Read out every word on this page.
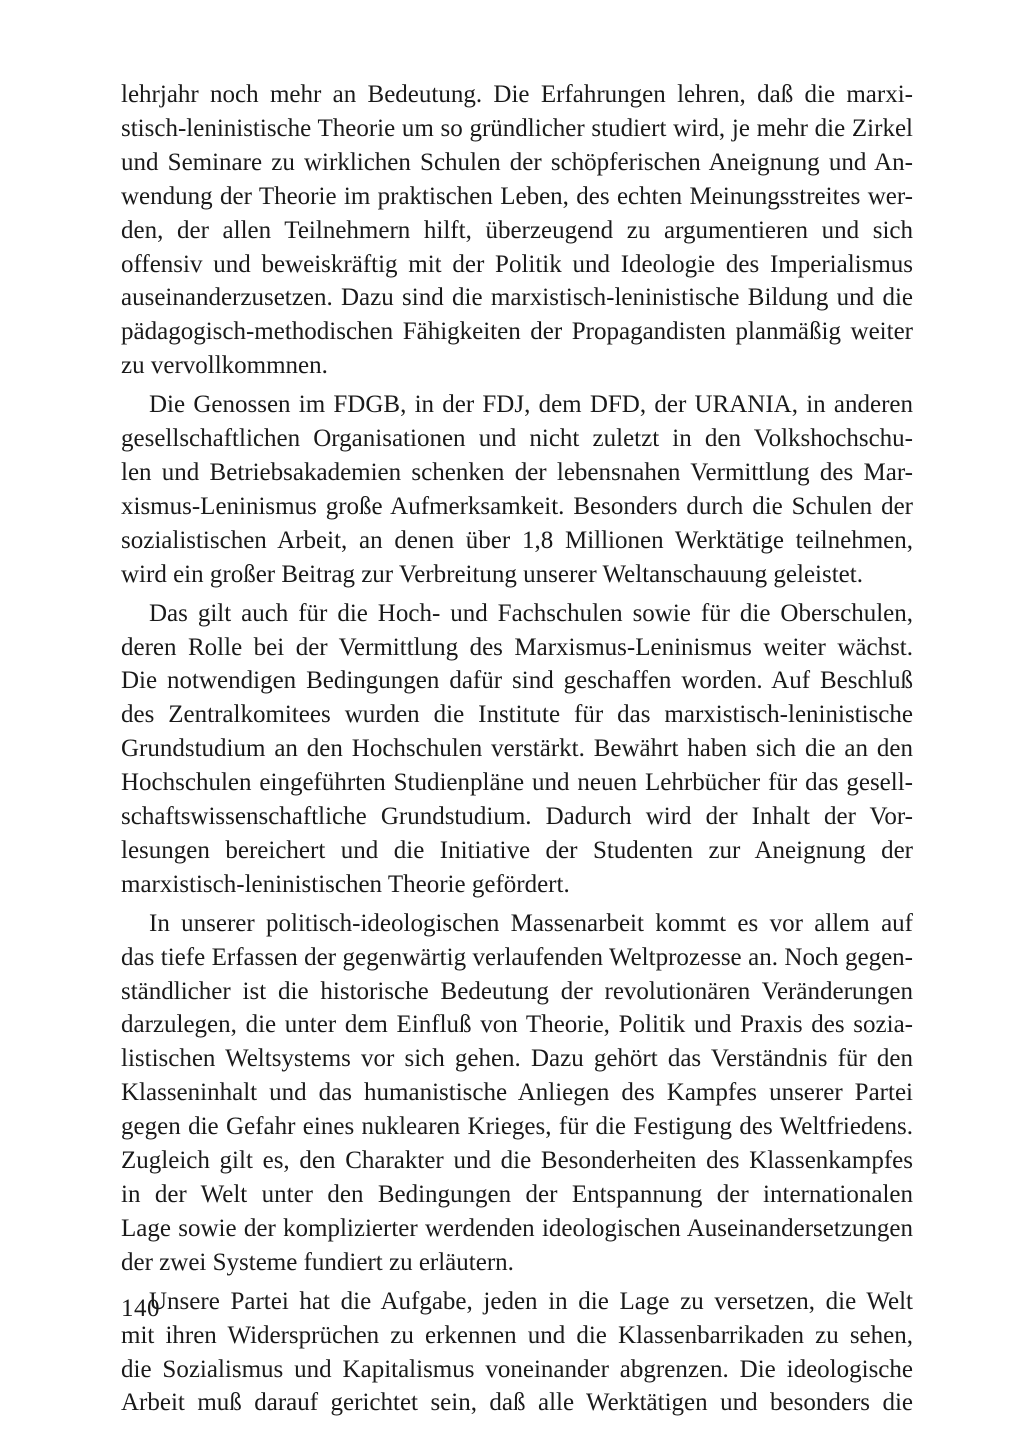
lehrjahr noch mehr an Bedeutung. Die Erfahrungen lehren, daß die marxi-
stisch-leninistische Theorie um so gründlicher studiert wird, je mehr die Zirkel
und Seminare zu wirklichen Schulen der schöpferischen Aneignung und An-
wendung der Theorie im praktischen Leben, des echten Meinungsstreites wer-
den, der allen Teilnehmern hilft, überzeugend zu argumentieren und sich
offensiv und beweiskräftig mit der Politik und Ideologie des Imperialismus
auseinanderzusetzen. Dazu sind die marxistisch-leninistische Bildung und die
pädagogisch-methodischen Fähigkeiten der Propagandisten planmäßig weiter
zu vervollkommnen.

Die Genossen im FDGB, in der FDJ, dem DFD, der URANIA, in anderen
gesellschaftlichen Organisationen und nicht zuletzt in den Volkshochschu-
len und Betriebsakademien schenken der lebensnahen Vermittlung des Mar-
xismus-Leninismus große Aufmerksamkeit. Besonders durch die Schulen der
sozialistischen Arbeit, an denen über 1,8 Millionen Werktätige teilnehmen,
wird ein großer Beitrag zur Verbreitung unserer Weltanschauung geleistet.

Das gilt auch für die Hoch- und Fachschulen sowie für die Oberschulen,
deren Rolle bei der Vermittlung des Marxismus-Leninismus weiter wächst.
Die notwendigen Bedingungen dafür sind geschaffen worden. Auf Beschluß
des Zentralkomitees wurden die Institute für das marxistisch-leninistische
Grundstudium an den Hochschulen verstärkt. Bewährt haben sich die an den
Hochschulen eingeführten Studienpläne und neuen Lehrbücher für das gesell-
schaftswissenschaftliche Grundstudium. Dadurch wird der Inhalt der Vor-
lesungen bereichert und die Initiative der Studenten zur Aneignung der
marxistisch-leninistischen Theorie gefördert.

In unserer politisch-ideologischen Massenarbeit kommt es vor allem auf
das tiefe Erfassen der gegenwärtig verlaufenden Weltprozesse an. Noch gegen-
ständlicher ist die historische Bedeutung der revolutionären Veränderungen
darzulegen, die unter dem Einfluß von Theorie, Politik und Praxis des sozia-
listischen Weltsystems vor sich gehen. Dazu gehört das Verständnis für den
Klasseninhalt und das humanistische Anliegen des Kampfes unserer Partei
gegen die Gefahr eines nuklearen Krieges, für die Festigung des Weltfriedens.
Zugleich gilt es, den Charakter und die Besonderheiten des Klassenkampfes
in der Welt unter den Bedingungen der Entspannung der internationalen
Lage sowie der komplizierter werdenden ideologischen Auseinandersetzungen
der zwei Systeme fundiert zu erläutern.

Unsere Partei hat die Aufgabe, jeden in die Lage zu versetzen, die Welt
mit ihren Widersprüchen zu erkennen und die Klassenbarrikaden zu sehen,
die Sozialismus und Kapitalismus voneinander abgrenzen. Die ideologische
Arbeit muß darauf gerichtet sein, daß alle Werktätigen und besonders die

140
